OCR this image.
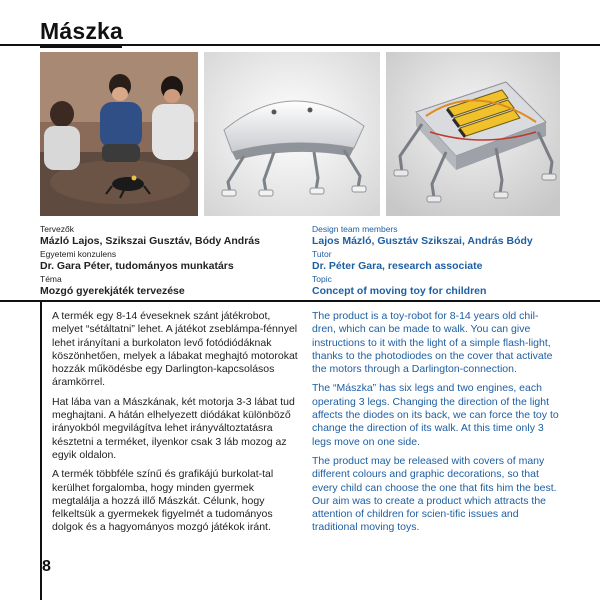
Mászka
Tervezők
Mázló Lajos, Szikszai Gusztáv, Bódy András
Egyetemi konzulens
Dr. Gara Péter, tudományos munkatárs
Téma
Mozgó gyerekjáték tervezése
Design team members
Lajos Mázló, Gusztáv Szikszai, András Bódy
Tutor
Dr. Péter Gara, research associate
Topic
Concept of moving toy for children

A termék egy 8-14 éveseknek szánt játékrobot, melyet “sétáltatni” lehet. A játékot zseblámpa-fénnyel lehet irányítani a burkolaton levő fotódiódáknak köszönhetően, melyek a lábakat meghajtó motorokat hozzák működésbe egy Darlington-kapcsolásos áramkörrel.

Hat lába van a Mászkának, két motorja 3-3 lábat tud meghajtani. A hátán elhelyezett diódákat különböző irányokból megvilágítva lehet irányváltoztatásra késztetni a terméket, ilyenkor csak 3 láb mozog az egyik oldalon.

A termék többféle színű és grafikájú burkolat-tal kerülhet forgalomba, hogy minden gyermek megtalálja a hozzá illő Mászkát. Célunk, hogy felkeltsük a gyermekek figyelmét a tudományos dolgok és a hagyományos mozgó játékok iránt.

The product is a toy-robot for 8-14 years old chil-dren, which can be made to walk. You can give instructions to it with the light of a simple flash-light, thanks to the photodiodes on the cover that activate the motors through a Darlington-connection.

The “Mászka” has six legs and two engines, each operating 3 legs. Changing the direction of the light affects the diodes on its back, we can force the toy to change the direction of its walk. At this time only 3 legs move on one side.

The product may be released with covers of many different colours and graphic decorations, so that every child can choose the one that fits him the best. Our aim was to create a product which attracts the attention of children for scien-tific issues and traditional moving toys.

8
